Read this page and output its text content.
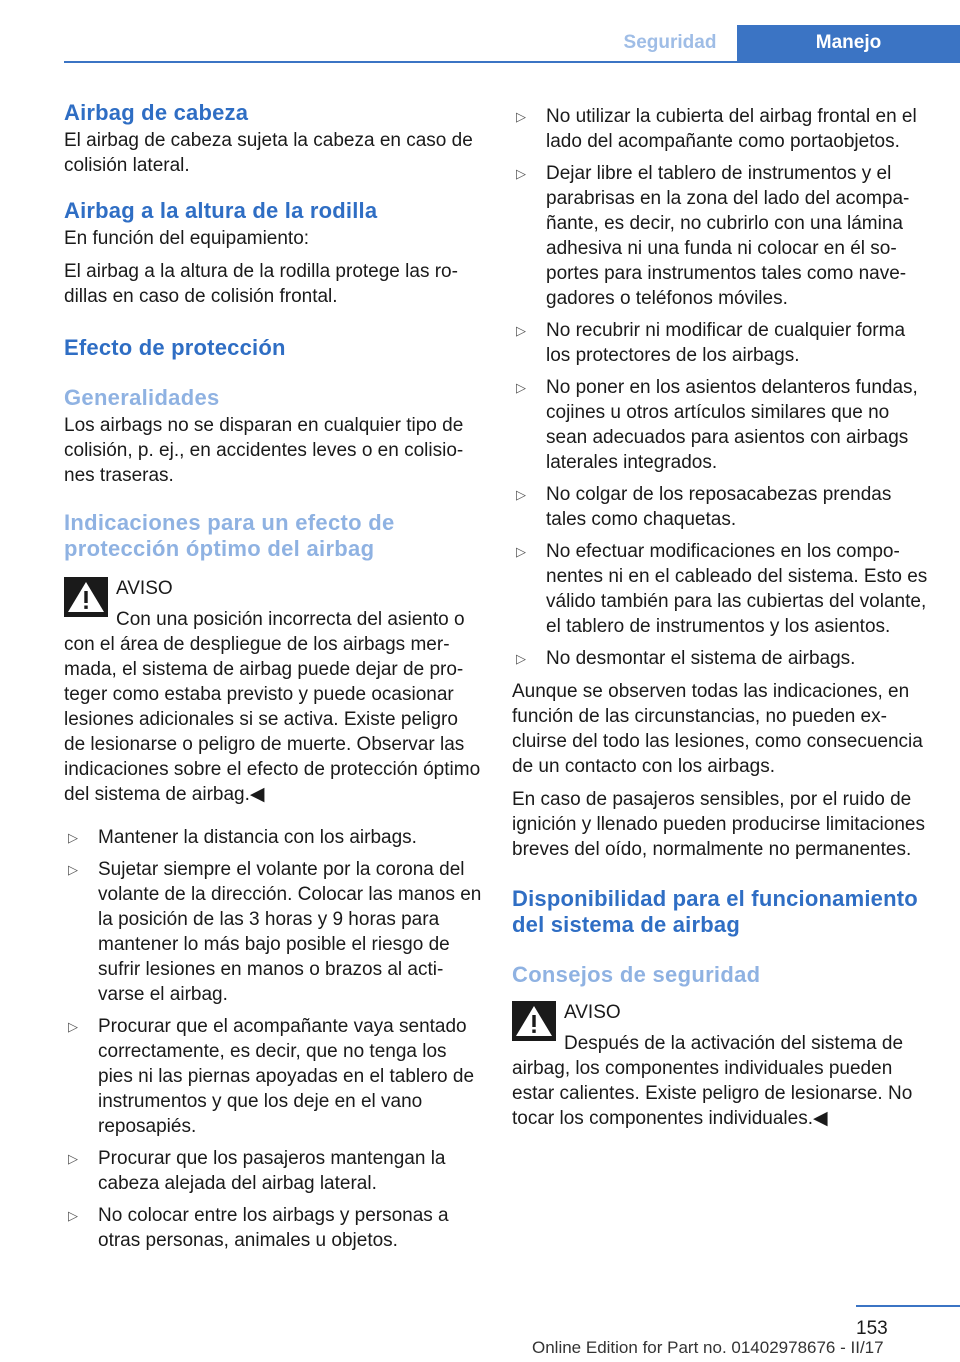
Seguridad	Manejo
Airbag de cabeza

El airbag de cabeza sujeta la cabeza en caso de colisión lateral.

Airbag a la altura de la rodilla

En función del equipamiento:

El airbag a la altura de la rodilla protege las rodillas en caso de colisión frontal.

Efecto de protección
Generalidades

Los airbags no se disparan en cualquier tipo de colisión, p. ej., en accidentes leves o en colisiones traseras.

Indicaciones para un efecto de protección óptimo del airbag

AVISO

Con una posición incorrecta del asiento o con el área de despliegue de los airbags mermada, el sistema de airbag puede dejar de proteger como estaba previsto y puede ocasionar lesiones adicionales si se activa. Existe peligro de lesionarse o peligro de muerte. Observar las indicaciones sobre el efecto de protección óptimo del sistema de airbag.◀

▷ Mantener la distancia con los airbags.
▷ Sujetar siempre el volante por la corona del volante de la dirección. Colocar las manos en la posición de las 3 horas y 9 horas para mantener lo más bajo posible el riesgo de sufrir lesiones en manos o brazos al activarse el airbag.
▷ Procurar que el acompañante vaya sentado correctamente, es decir, que no tenga los pies ni las piernas apoyadas en el tablero de instrumentos y que los deje en el vano reposapiés.
▷ Procurar que los pasajeros mantengan la cabeza alejada del airbag lateral.
▷ No colocar entre los airbags y personas a otras personas, animales u objetos.
▷ No utilizar la cubierta del airbag frontal en el lado del acompañante como portaobjetos.
▷ Dejar libre el tablero de instrumentos y el parabrisas en la zona del lado del acompañante, es decir, no cubrirlo con una lámina adhesiva ni una funda ni colocar en él soportes para instrumentos tales como navegadores o teléfonos móviles.
▷ No recubrir ni modificar de cualquier forma los protectores de los airbags.
▷ No poner en los asientos delanteros fundas, cojines u otros artículos similares que no sean adecuados para asientos con airbags laterales integrados.
▷ No colgar de los reposacabezas prendas tales como chaquetas.
▷ No efectuar modificaciones en los componentes ni en el cableado del sistema. Esto es válido también para las cubiertas del volante, el tablero de instrumentos y los asientos.
▷ No desmontar el sistema de airbags.

Aunque se observen todas las indicaciones, en función de las circunstancias, no pueden excluirse del todo las lesiones, como consecuencia de un contacto con los airbags.

En caso de pasajeros sensibles, por el ruido de ignición y llenado pueden producirse limitaciones breves del oído, normalmente no permanentes.

Disponibilidad para el funcionamiento del sistema de airbag
Consejos de seguridad

AVISO

Después de la activación del sistema de airbag, los componentes individuales pueden estar calientes. Existe peligro de lesionarse. No tocar los componentes individuales.◀

153
Online Edition for Part no. 01402978676 - II/17
